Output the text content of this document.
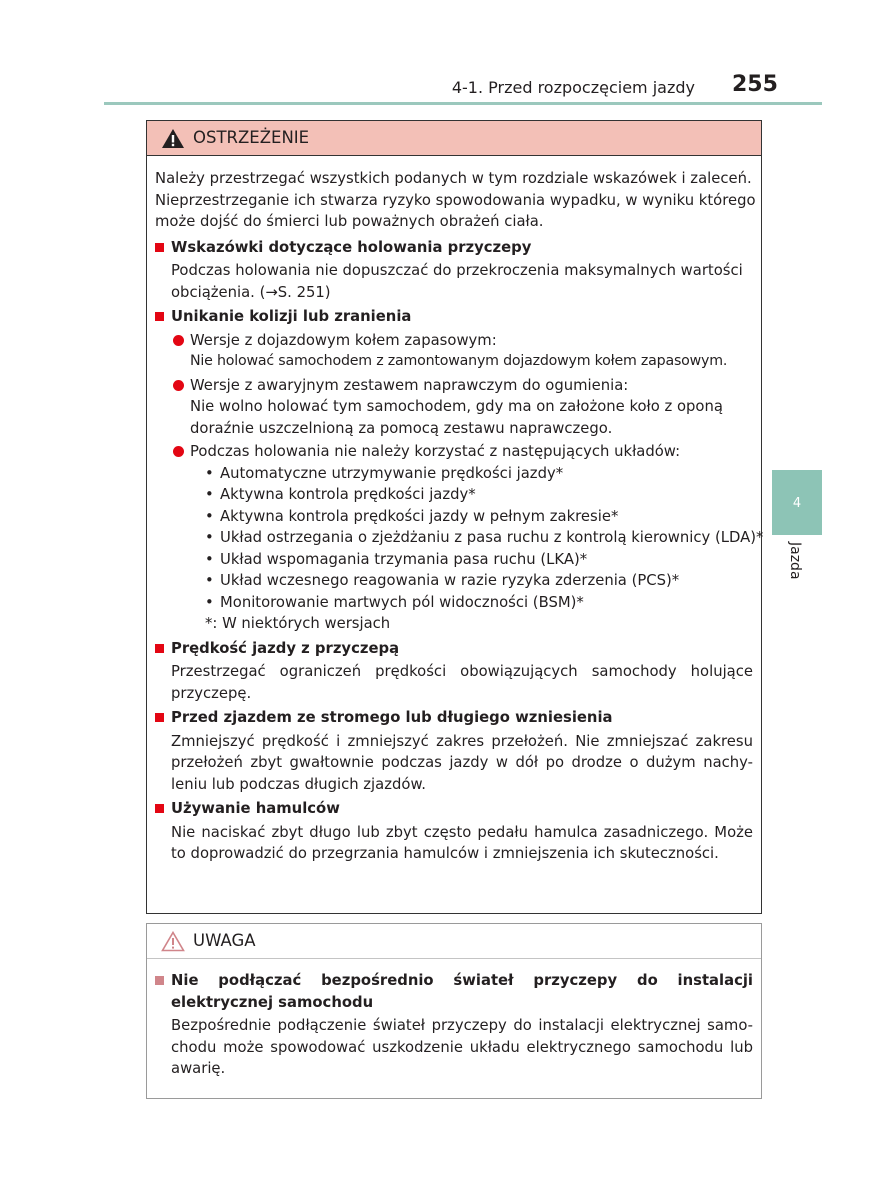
4-1. Przed rozpoczęciem jazdy 255
4
Jazda
OSTRZEŻENIE
Należy przestrzegać wszystkich podanych w tym rozdziale wskazówek i zaleceń.
Nieprzestrzeganie ich stwarza ryzyko spowodowania wypadku, w wyniku którego
może dojść do śmierci lub poważnych obrażeń ciała.
Wskazówki dotyczące holowania przyczepy
Podczas holowania nie dopuszczać do przekroczenia maksymalnych wartości obciążenia. (→S. 251)
Unikanie kolizji lub zranienia
Wersje z dojazdowym kołem zapasowym:
Nie holować samochodem z zamontowanym dojazdowym kołem zapasowym.
Wersje z awaryjnym zestawem naprawczym do ogumienia:
Nie wolno holować tym samochodem, gdy ma on założone koło z oponą
doraźnie uszczelnioną za pomocą zestawu naprawczego.
Podczas holowania nie należy korzystać z następujących układów:
• Automatyczne utrzymywanie prędkości jazdy*
• Aktywna kontrola prędkości jazdy*
• Aktywna kontrola prędkości jazdy w pełnym zakresie*
• Układ ostrzegania o zjeżdżaniu z pasa ruchu z kontrolą kierownicy (LDA)*
• Układ wspomagania trzymania pasa ruchu (LKA)*
• Układ wczesnego reagowania w razie ryzyka zderzenia (PCS)*
• Monitorowanie martwych pól widoczności (BSM)*
*: W niektórych wersjach
Prędkość jazdy z przyczepą
Przestrzegać ograniczeń prędkości obowiązujących samochody holujące przyczepę.
Przed zjazdem ze stromego lub długiego wzniesienia
Zmniejszyć prędkość i zmniejszyć zakres przełożeń. Nie zmniejszać zakresu przełożeń zbyt gwałtownie podczas jazdy w dół po drodze o dużym nachy-leniu lub podczas długich zjazdów.
Używanie hamulców
Nie naciskać zbyt długo lub zbyt często pedału hamulca zasadniczego. Może to doprowadzić do przegrzania hamulców i zmniejszenia ich skuteczności.
UWAGA
Nie podłączać bezpośrednio świateł przyczepy do instalacji elektrycznej samochodu
Bezpośrednie podłączenie świateł przyczepy do instalacji elektrycznej samo-chodu może spowodować uszkodzenie układu elektrycznego samochodu lub awarię.
